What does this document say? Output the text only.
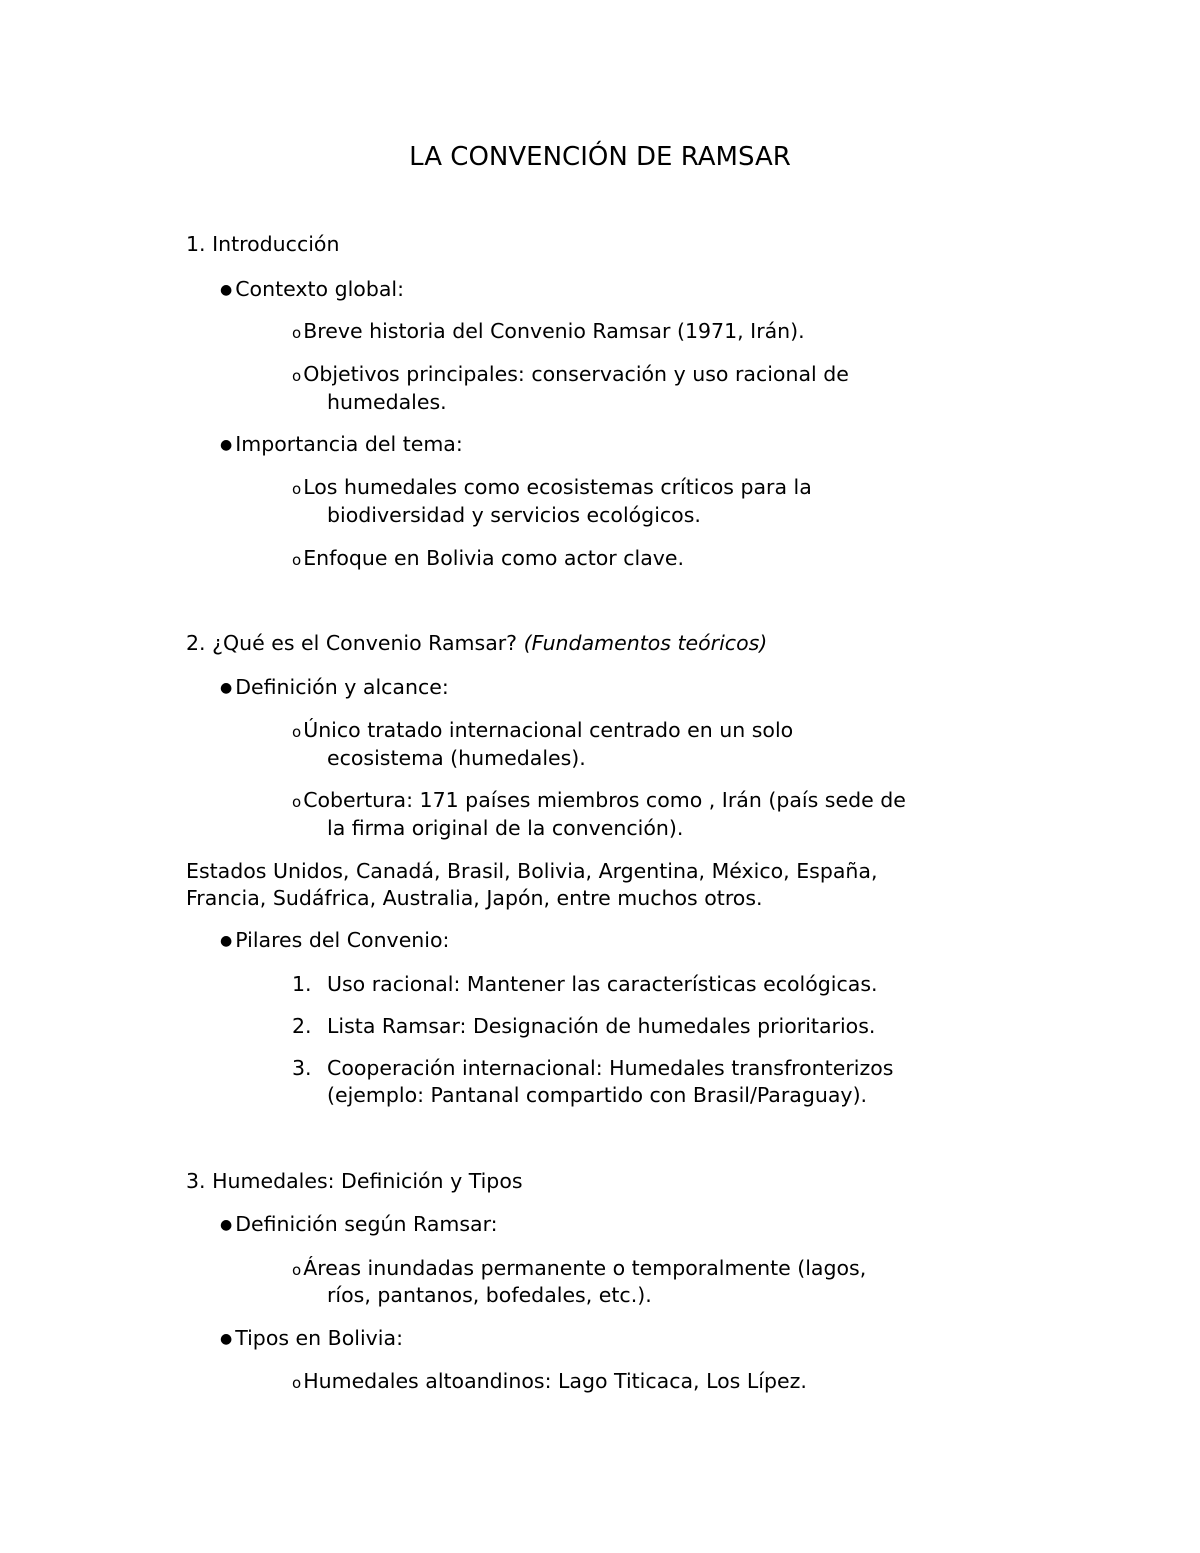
LA CONVENCIÓN DE RAMSAR
1. Introducción
● Contexto global:
oBreve historia del Convenio Ramsar (1971, Irán).
oObjetivos principales: conservación y uso racional de
humedales.
● Importancia del tema:
oLos humedales como ecosistemas críticos para la
biodiversidad y servicios ecológicos.
oEnfoque en Bolivia como actor clave.
2. ¿Qué es el Convenio Ramsar? (Fundamentos teóricos)
● Definición y alcance:
oÚnico tratado internacional centrado en un solo
ecosistema (humedales).
oCobertura: 171 países miembros como , Irán (país sede de
la firma original de la convención).
Estados Unidos, Canadá, Brasil, Bolivia, Argentina, México, España,
Francia, Sudáfrica, Australia, Japón, entre muchos otros.
● Pilares del Convenio:
1. Uso racional: Mantener las características ecológicas.
2. Lista Ramsar: Designación de humedales prioritarios.
3. Cooperación internacional: Humedales transfronterizos
(ejemplo: Pantanal compartido con Brasil/Paraguay).
3. Humedales: Definición y Tipos
● Definición según Ramsar:
oÁreas inundadas permanente o temporalmente (lagos,
ríos, pantanos, bofedales, etc.).
● Tipos en Bolivia:
oHumedales altoandinos: Lago Titicaca, Los Lípez.
